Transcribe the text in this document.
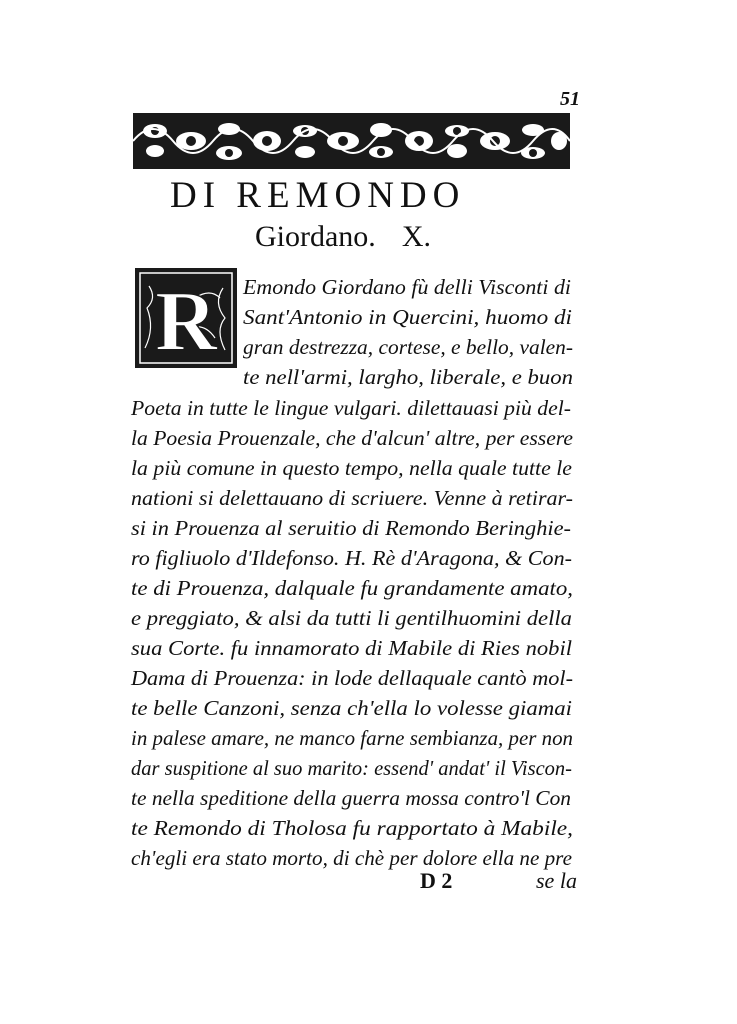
51
DI REMONDO
Giordano. X.
R Emondo Giordano fù delli Visconti di
Sant'Antonio in Quercini, huomo di
gran destrezza, cortese, e bello, valen-
te nell'armi, largho, liberale, e buon
Poeta in tutte le lingue vulgari. dilettauasi più del-
la Poesia Prouenzale, che d'alcun' altre, per essere
la più comune in questo tempo, nella quale tutte le
nationi si delettauano di scriuere. Venne à retirar-
si in Prouenza al seruitio di Remondo Beringhie-
ro figliuolo d'Ildefonso. H. Rè d'Aragona, & Con-
te di Prouenza, dalquale fu grandamente amato,
e preggiato, & alsi da tutti li gentilhuomini della
sua Corte. fu innamorato di Mabile di Ries nobil
Dama di Prouenza: in lode dellaquale cantò mol-
te belle Canzoni, senza ch'ella lo volesse giamai
in palese amare, ne manco farne sembianza, per non
dar suspitione al suo marito: essend' andat' il Viscon-
te nella speditione della guerra mossa contro'l Con
te Remondo di Tholosa fu rapportato à Mabile,
ch'egli era stato morto, di chè per dolore ella ne pre
D 2	se la
